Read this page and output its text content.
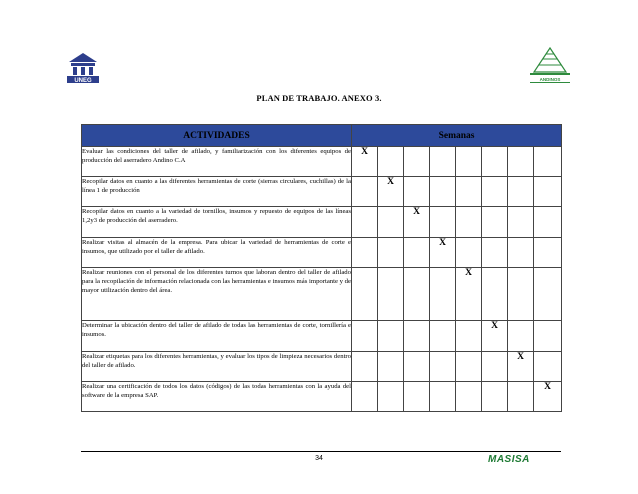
UNEG	ANDINOS
PLAN DE TRABAJO. ANEXO 3.
ACTIVIDADES	Semanas							
Evaluar las condiciones del taller de afilado, y familiarización con los diferentes equipos de producción del aserradero Andino C.A	X							
Recopilar datos en cuanto a las diferentes herramientas de corte (sierras circulares, cuchillas) de la línea 1 de producción		X						
Recopilar datos en cuanto a la variedad de tornillos, insumos y repuesto de equipos de las líneas 1,2y3 de producción del aserradero.			X					
Realizar visitas al almacén de la empresa. Para ubicar la variedad de herramientas de corte e insumos, que utilizado por el taller de afilado.				X				
Realizar reuniones con el personal de los diferentes turnos que laboran dentro del taller de afilado para la recopilación de información relacionada con las herramientas e insumos más importante y de mayor utilización dentro del área.					X			
Determinar la ubicación dentro del taller de afilado de todas las herramientas de corte, tornillería e insumos.						X		
Realizar etiquetas para los diferentes herramientas, y evaluar los tipos de limpieza necesarios dentro del taller de afilado.							X	
Realizar una certificación de todos los datos (códigos) de las todas herramientas con la ayuda del software de la empresa SAP.								X
34	MASISA
